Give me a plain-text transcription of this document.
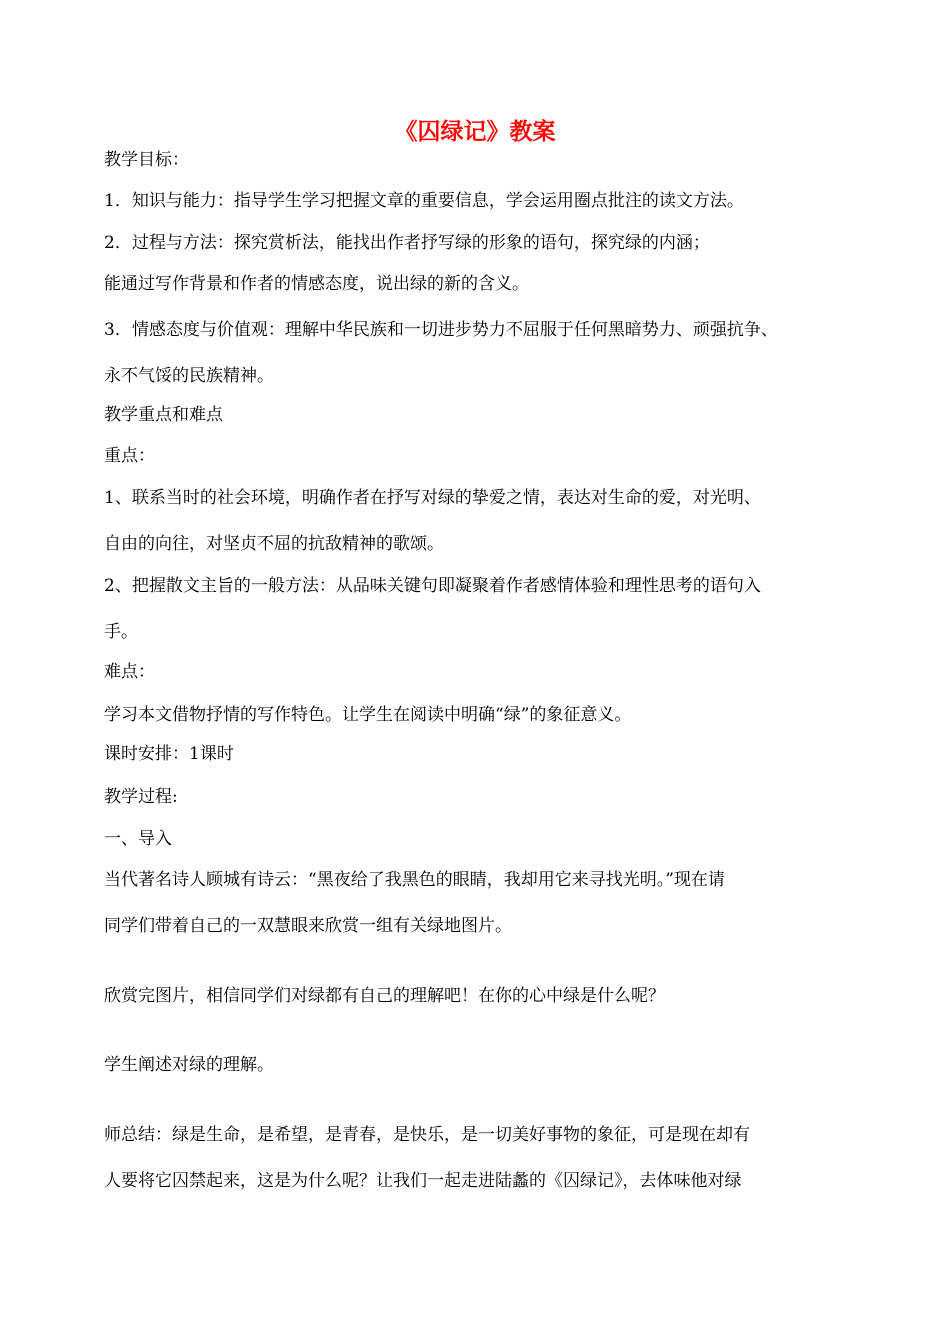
《囚绿记》教案
教学目标：
1．知识与能力：指导学生学习把握文章的重要信息，学会运用圈点批注的读文方法。
2．过程与方法：探究赏析法，能找出作者抒写绿的形象的语句，探究绿的内涵；
能通过写作背景和作者的情感态度，说出绿的新的含义。
3．情感态度与价值观：理解中华民族和一切进步势力不屈服于任何黑暗势力、顽强抗争、
永不气馁的民族精神。
教学重点和难点
重点：
1、联系当时的社会环境，明确作者在抒写对绿的挚爱之情，表达对生命的爱，对光明、
自由的向往，对坚贞不屈的抗敌精神的歌颂。
2、把握散文主旨的一般方法：从品味关键句即凝聚着作者感情体验和理性思考的语句入
手。
难点：
学习本文借物抒情的写作特色。让学生在阅读中明确“绿”的象征意义。
课时安排：1课时
教学过程:
一、导入
当代著名诗人顾城有诗云：“黑夜给了我黑色的眼睛，我却用它来寻找光明。”现在请
同学们带着自己的一双慧眼来欣赏一组有关绿地图片。
欣赏完图片，相信同学们对绿都有自己的理解吧！在你的心中绿是什么呢？
学生阐述对绿的理解。
师总结：绿是生命，是希望，是青春，是快乐，是一切美好事物的象征，可是现在却有
人要将它囚禁起来，这是为什么呢？让我们一起走进陆蠡的《囚绿记》，去体味他对绿
